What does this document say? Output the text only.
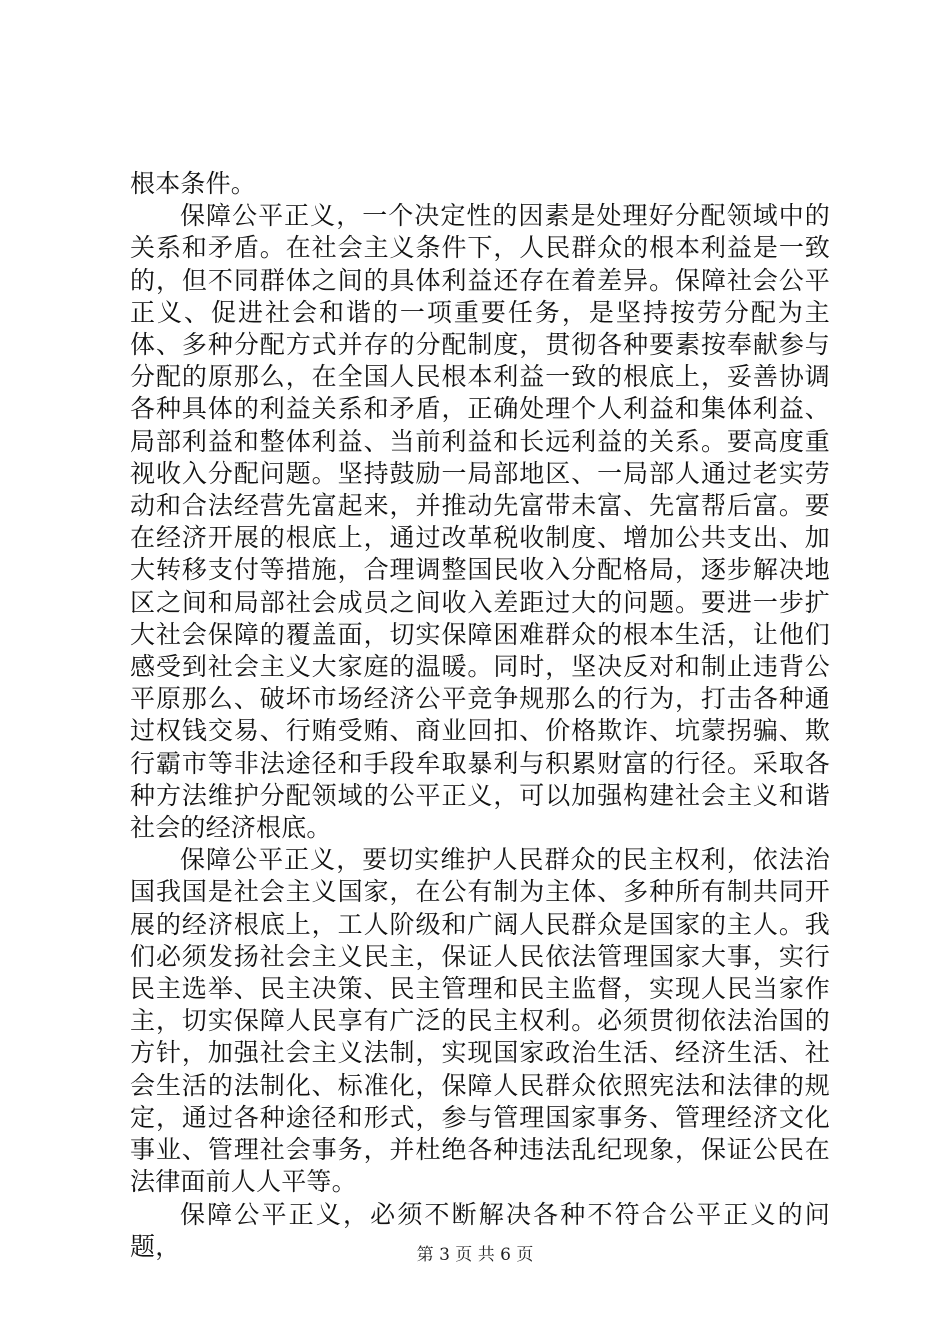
根本条件。

保障公平正义，一个决定性的因素是处理好分配领域中的关系和矛盾。在社会主义条件下，人民群众的根本利益是一致的，但不同群体之间的具体利益还存在着差异。保障社会公平正义、促进社会和谐的一项重要任务，是坚持按劳分配为主体、多种分配方式并存的分配制度，贯彻各种要素按奉献参与分配的原那么，在全国人民根本利益一致的根底上，妥善协调各种具体的利益关系和矛盾，正确处理个人利益和集体利益、局部利益和整体利益、当前利益和长远利益的关系。要高度重视收入分配问题。坚持鼓励一局部地区、一局部人通过老实劳动和合法经营先富起来，并推动先富带未富、先富帮后富。要在经济开展的根底上，通过改革税收制度、增加公共支出、加大转移支付等措施，合理调整国民收入分配格局，逐步解决地区之间和局部社会成员之间收入差距过大的问题。要进一步扩大社会保障的覆盖面，切实保障困难群众的根本生活，让他们感受到社会主义大家庭的温暖。同时，坚决反对和制止违背公平原那么、破坏市场经济公平竞争规那么的行为，打击各种通过权钱交易、行贿受贿、商业回扣、价格欺诈、坑蒙拐骗、欺行霸市等非法途径和手段牟取暴利与积累财富的行径。采取各种方法维护分配领域的公平正义，可以加强构建社会主义和谐社会的经济根底。

保障公平正义，要切实维护人民群众的民主权利，依法治国我国是社会主义国家，在公有制为主体、多种所有制共同开展的经济根底上，工人阶级和广阔人民群众是国家的主人。我们必须发扬社会主义民主，保证人民依法管理国家大事，实行民主选举、民主决策、民主管理和民主监督，实现人民当家作主，切实保障人民享有广泛的民主权利。必须贯彻依法治国的方针，加强社会主义法制，实现国家政治生活、经济生活、社会生活的法制化、标准化，保障人民群众依照宪法和法律的规定，通过各种途径和形式，参与管理国家事务、管理经济文化事业、管理社会事务，并杜绝各种违法乱纪现象，保证公民在法律面前人人平等。

保障公平正义，必须不断解决各种不符合公平正义的问题，	第 3 页 共 6 页
